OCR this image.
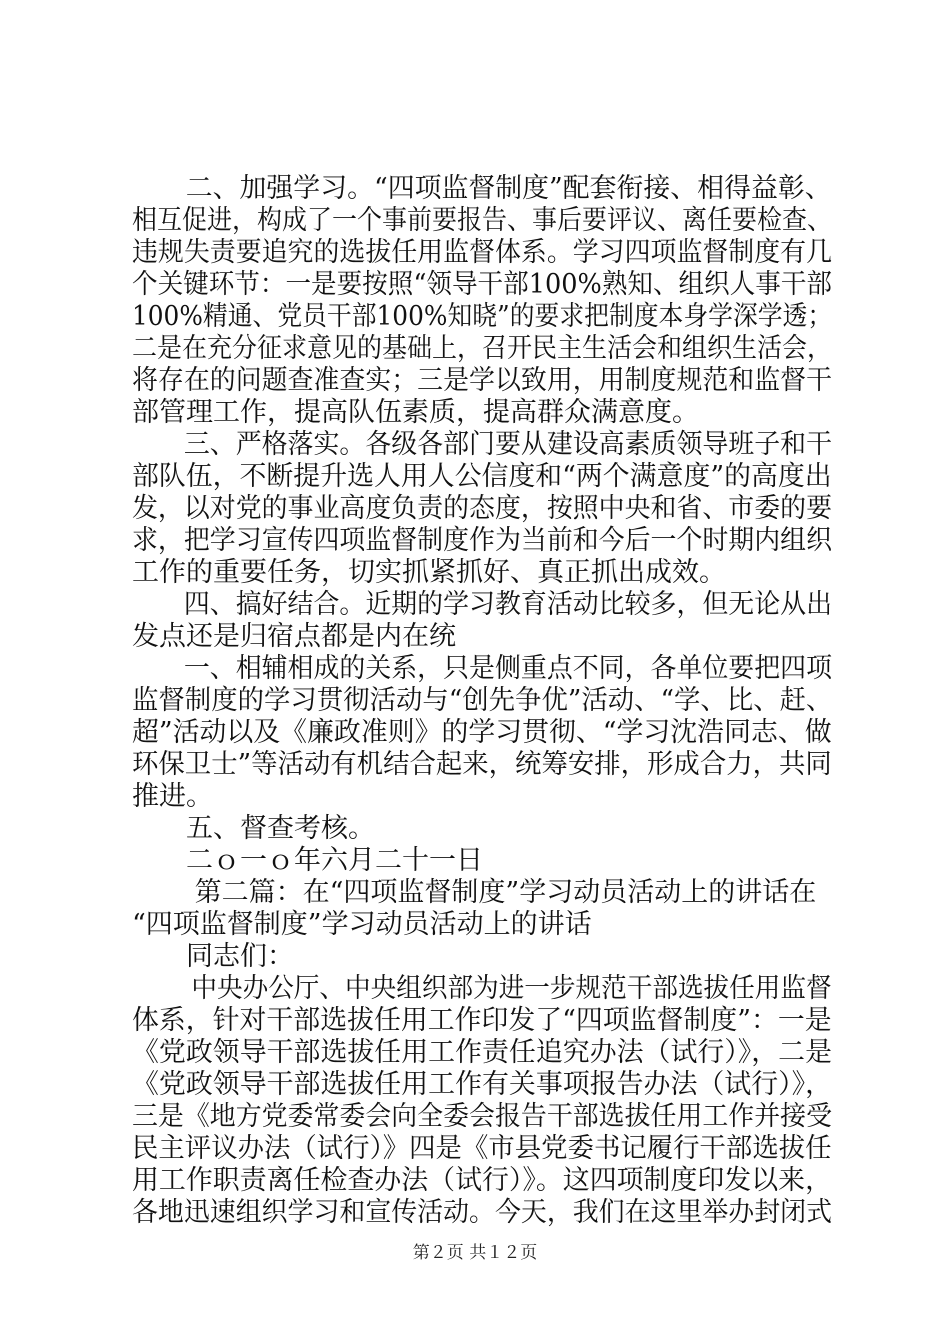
　　二、加强学习。“四项监督制度”配套衔接、相得益彰、
相互促进，构成了一个事前要报告、事后要评议、离任要检查、
违规失责要追究的选拔任用监督体系。学习四项监督制度有几
个关键环节：一是要按照“领导干部100%熟知、组织人事干部
100%精通、党员干部100%知晓”的要求把制度本身学深学透；
二是在充分征求意见的基础上，召开民主生活会和组织生活会，
将存在的问题查准查实；三是学以致用，用制度规范和监督干
部管理工作，提高队伍素质，提高群众满意度。
　　三、严格落实。各级各部门要从建设高素质领导班子和干
部队伍，不断提升选人用人公信度和“两个满意度”的高度出
发，以对党的事业高度负责的态度，按照中央和省、市委的要
求，把学习宣传四项监督制度作为当前和今后一个时期内组织
工作的重要任务，切实抓紧抓好、真正抓出成效。
　　四、搞好结合。近期的学习教育活动比较多，但无论从出
发点还是归宿点都是内在统
　　一、相辅相成的关系，只是侧重点不同，各单位要把四项
监督制度的学习贯彻活动与“创先争优”活动、“学、比、赶、
超”活动以及《廉政准则》的学习贯彻、“学习沈浩同志、做
环保卫士”等活动有机结合起来，统筹安排，形成合力，共同
推进。
　　五、督查考核。
　　二ｏ一ｏ年六月二十一日
　　 第二篇：在“四项监督制度”学习动员活动上的讲话在
“四项监督制度”学习动员活动上的讲话
　　同志们：
　　 中央办公厅、中央组织部为进一步规范干部选拔任用监督
体系，针对干部选拔任用工作印发了“四项监督制度”：一是
《党政领导干部选拔任用工作责任追究办法（试行）》，二是
《党政领导干部选拔任用工作有关事项报告办法（试行）》，
三是《地方党委常委会向全委会报告干部选拔任用工作并接受
民主评议办法（试行）》四是《市县党委书记履行干部选拔任
用工作职责离任检查办法（试行）》。这四项制度印发以来，
各地迅速组织学习和宣传活动。今天，我们在这里举办封闭式
第２页 共１２页
